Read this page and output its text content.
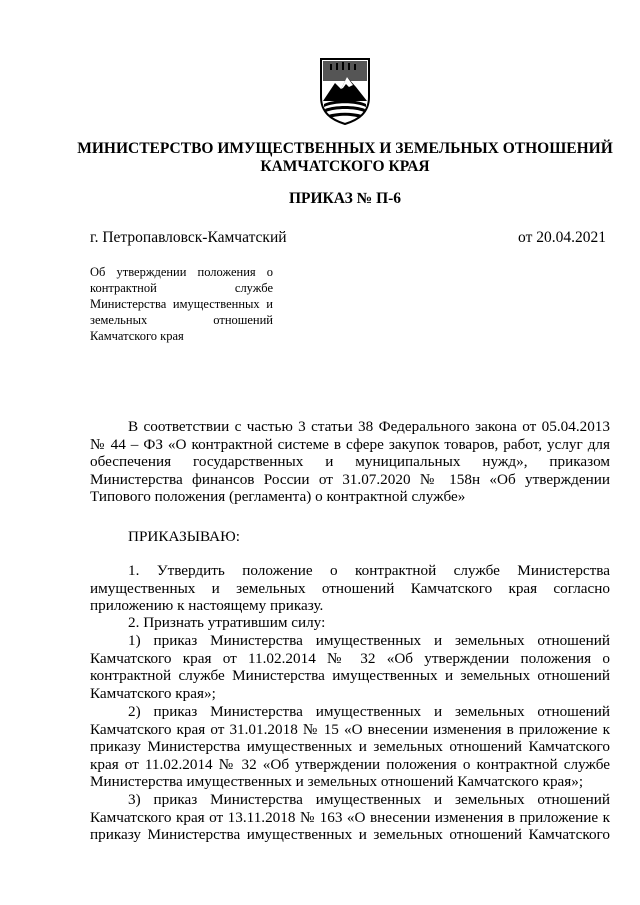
МИНИСТЕРСТВО ИМУЩЕСТВЕННЫХ И ЗЕМЕЛЬНЫХ ОТНОШЕНИЙ
КАМЧАТСКОГО КРАЯ
ПРИКАЗ № П-6
г. Петропавловск-Камчатский	от 20.04.2021
Об утверждении положения о
контрактной службе
Министерства имущественных и
земельных отношений
Камчатского края
В соответствии с частью 3 статьи 38 Федерального закона от 05.04.2013
№ 44 – ФЗ «О контрактной системе в сфере закупок товаров, работ, услуг для
обеспечения государственных и муниципальных нужд», приказом
Министерства финансов России от 31.07.2020 № 158н «Об утверждении
Типового положения (регламента) о контрактной службе»
ПРИКАЗЫВАЮ:
1. Утвердить положение о контрактной службе Министерства
имущественных и земельных отношений Камчатского края согласно
приложению к настоящему приказу.
2. Признать утратившим силу:
1) приказ Министерства имущественных и земельных отношений
Камчатского края от 11.02.2014 № 32 «Об утверждении положения о
контрактной службе Министерства имущественных и земельных отношений
Камчатского края»;
2) приказ Министерства имущественных и земельных отношений
Камчатского края от 31.01.2018 № 15 «О внесении изменения в приложение к
приказу Министерства имущественных и земельных отношений Камчатского
края от 11.02.2014 № 32 «Об утверждении положения о контрактной службе
Министерства имущественных и земельных отношений Камчатского края»;
3) приказ Министерства имущественных и земельных отношений
Камчатского края от 13.11.2018 № 163 «О внесении изменения в приложение к
приказу Министерства имущественных и земельных отношений Камчатского
